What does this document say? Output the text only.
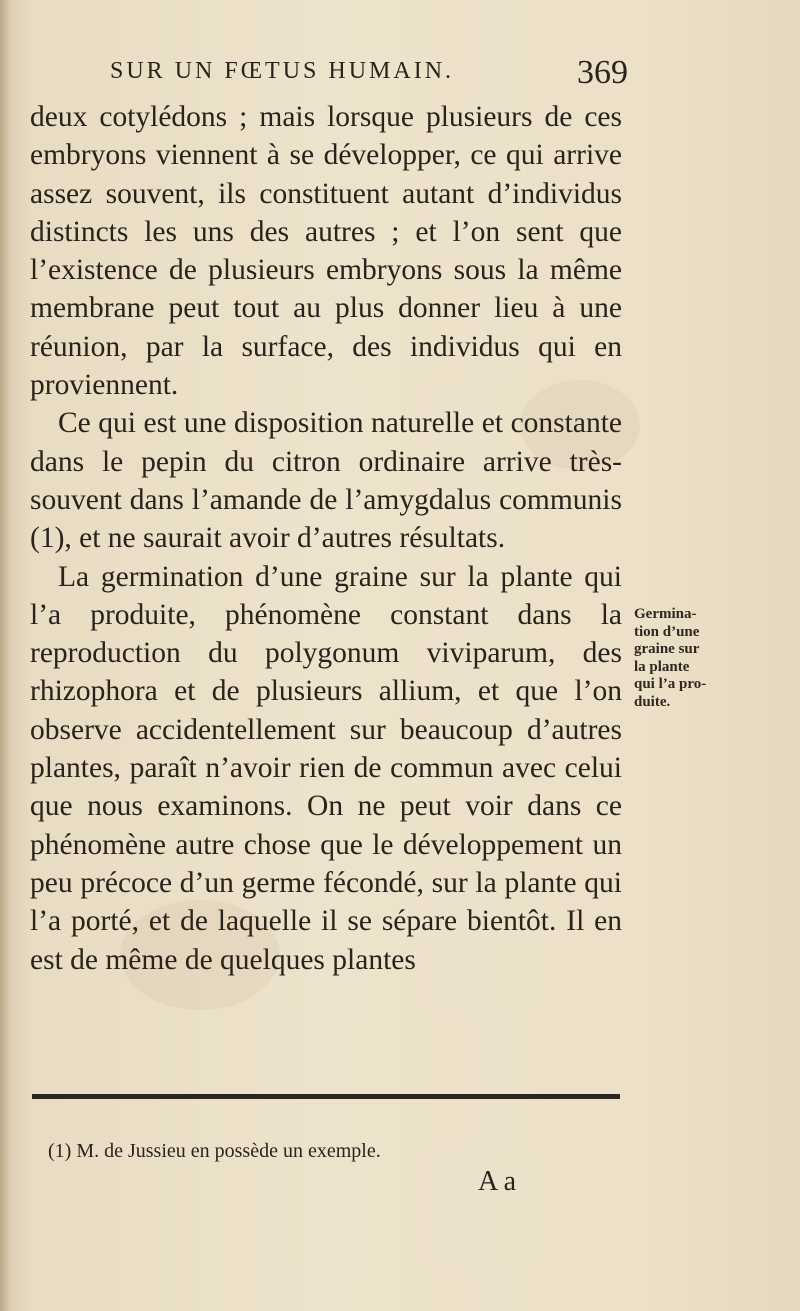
SUR UN FŒTUS HUMAIN.	369

deux cotylédons ; mais lorsque plusieurs de ces embryons viennent à se développer, ce qui arrive assez souvent, ils constituent autant d’individus distincts les uns des autres ; et l’on sent que l’existence de plusieurs embryons sous la même membrane peut tout au plus donner lieu à une réunion, par la surface, des individus qui en proviennent.

Ce qui est une disposition naturelle et constante dans le pepin du citron ordinaire arrive très-souvent dans l’amande de l’amygdalus communis (1), et ne saurait avoir d’autres résultats.

La germination d’une graine sur la plante qui l’a produite, phénomène constant dans la reproduction du polygonum viviparum, des rhizophora et de plusieurs allium, et que l’on observe accidentellement sur beaucoup d’autres plantes, paraît n’avoir rien de commun avec celui que nous examinons. On ne peut voir dans ce phénomène autre chose que le développement un peu précoce d’un germe fécondé, sur la plante qui l’a porté, et de laquelle il se sépare bientôt. Il en est de même de quelques plantes

Germina-
tion d’une
graine sur
la plante
qui l’a pro-
duite.
(1) M. de Jussieu en possède un exemple.
A a
